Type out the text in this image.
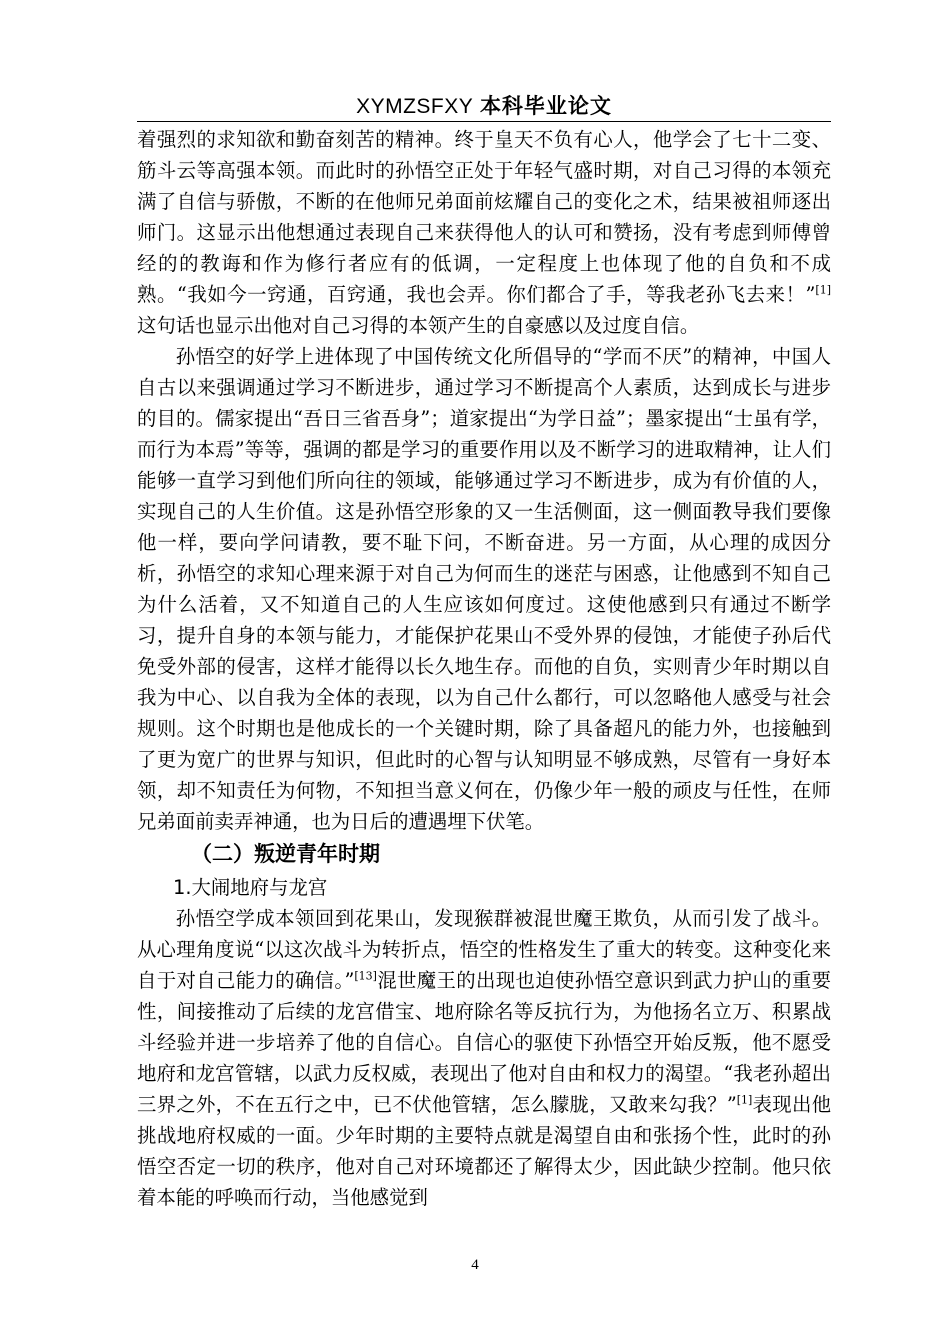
XYMZSFXY 本科毕业论文

着强烈的求知欲和勤奋刻苦的精神。终于皇天不负有心人，他学会了七十二变、筋斗云等高强本领。而此时的孙悟空正处于年轻气盛时期，对自己习得的本领充满了自信与骄傲，不断的在他师兄弟面前炫耀自己的变化之术，结果被祖师逐出师门。这显示出他想通过表现自己来获得他人的认可和赞扬，没有考虑到师傅曾经的的教诲和作为修行者应有的低调，一定程度上也体现了他的自负和不成熟。“我如今一窍通，百窍通，我也会弄。你们都合了手，等我老孙飞去来！”[1]这句话也显示出他对自己习得的本领产生的自豪感以及过度自信。

孙悟空的好学上进体现了中国传统文化所倡导的“学而不厌”的精神，中国人自古以来强调通过学习不断进步，通过学习不断提高个人素质，达到成长与进步的目的。儒家提出“吾日三省吾身”；道家提出“为学日益”；墨家提出“士虽有学，而行为本焉”等等，强调的都是学习的重要作用以及不断学习的进取精神，让人们能够一直学习到他们所向往的领域，能够通过学习不断进步，成为有价值的人，实现自己的人生价值。这是孙悟空形象的又一生活侧面，这一侧面教导我们要像他一样，要向学问请教，要不耻下问，不断奋进。另一方面，从心理的成因分析，孙悟空的求知心理来源于对自己为何而生的迷茫与困惑，让他感到不知自己为什么活着，又不知道自己的人生应该如何度过。这使他感到只有通过不断学习，提升自身的本领与能力，才能保护花果山不受外界的侵蚀，才能使子孙后代免受外部的侵害，这样才能得以长久地生存。而他的自负，实则青少年时期以自我为中心、以自我为全体的表现，以为自己什么都行，可以忽略他人感受与社会规则。这个时期也是他成长的一个关键时期，除了具备超凡的能力外，也接触到了更为宽广的世界与知识，但此时的心智与认知明显不够成熟，尽管有一身好本领，却不知责任为何物，不知担当意义何在，仍像少年一般的顽皮与任性，在师兄弟面前卖弄神通，也为日后的遭遇埋下伏笔。

（二）叛逆青年时期
1.大闹地府与龙宫

孙悟空学成本领回到花果山，发现猴群被混世魔王欺负，从而引发了战斗。从心理角度说“以这次战斗为转折点，悟空的性格发生了重大的转变。这种变化来自于对自己能力的确信。”[13]混世魔王的出现也迫使孙悟空意识到武力护山的重要性，间接推动了后续的龙宫借宝、地府除名等反抗行为，为他扬名立万、积累战斗经验并进一步培养了他的自信心。自信心的驱使下孙悟空开始反叛，他不愿受地府和龙宫管辖，以武力反权威，表现出了他对自由和权力的渴望。“我老孙超出三界之外，不在五行之中，已不伏他管辖，怎么朦胧，又敢来勾我？”[1]表现出他挑战地府权威的一面。少年时期的主要特点就是渴望自由和张扬个性，此时的孙悟空否定一切的秩序，他对自己对环境都还了解得太少，因此缺少控制。他只依着本能的呼唤而行动，当他感觉到

4
